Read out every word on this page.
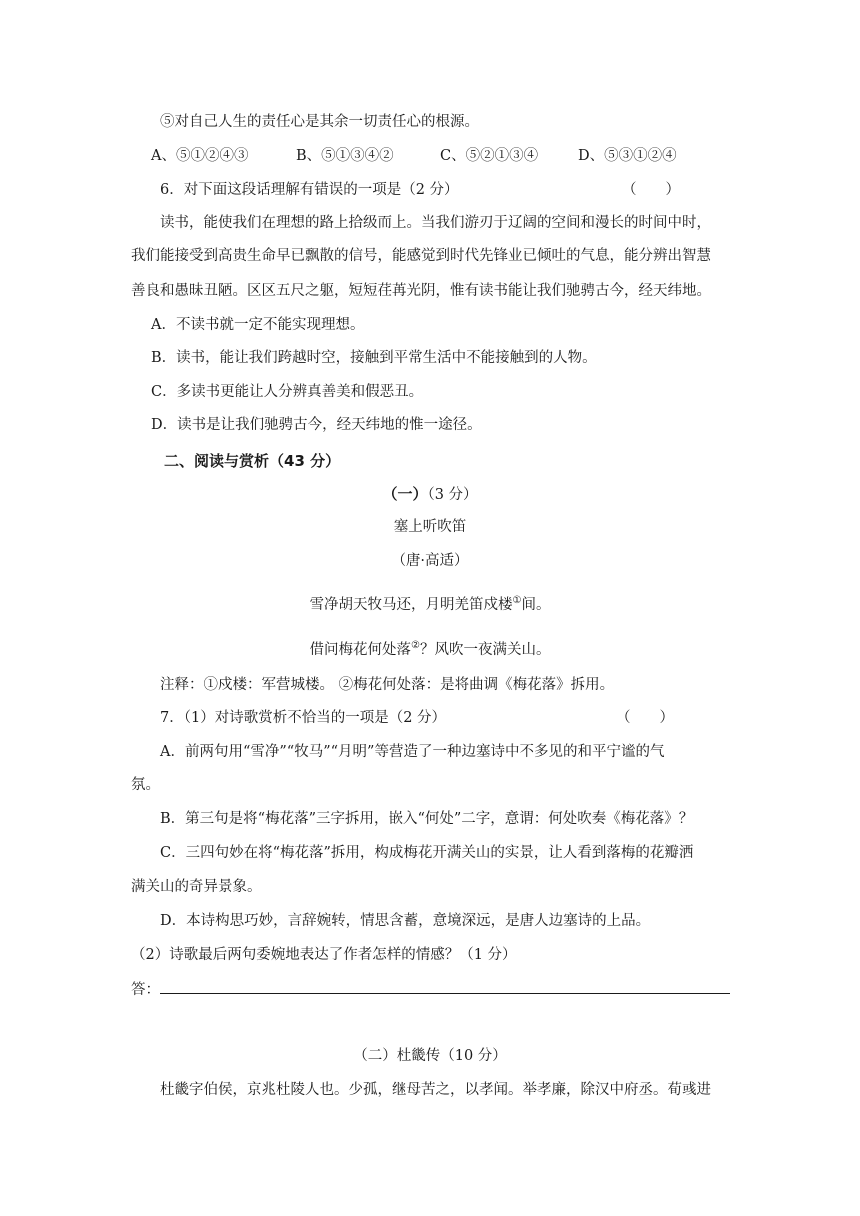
⑤对自己人生的责任心是其余一切责任心的根源。
A、⑤①②④③	B、⑤①③④②	C、⑤②①③④	D、⑤③①②④
6．对下面这段话理解有错误的一项是（2 分）	（　　）
读书，能使我们在理想的路上拾级而上。当我们游刃于辽阔的空间和漫长的时间中时，
我们能接受到高贵生命早已飘散的信号，能感觉到时代先锋业已倾吐的气息，能分辨出智慧
善良和愚昧丑陋。区区五尺之躯，短短荏苒光阴，惟有读书能让我们驰骋古今，经天纬地。
A．不读书就一定不能实现理想。
B．读书，能让我们跨越时空，接触到平常生活中不能接触到的人物。
C．多读书更能让人分辨真善美和假恶丑。
D．读书是让我们驰骋古今，经天纬地的惟一途径。
二、阅读与赏析（43 分）
（一）（3 分）
塞上听吹笛
（唐·高适）
雪净胡天牧马还，月明羌笛戍楼①间。
借问梅花何处落②？风吹一夜满关山。
注释：①戍楼：军营城楼。 ②梅花何处落：是将曲调《梅花落》拆用。
7．（1）对诗歌赏析不恰当的一项是（2 分）	（　　）
A．前两句用“雪净”“牧马”“月明”等营造了一种边塞诗中不多见的和平宁谧的气
氛。
B．第三句是将“梅花落”三字拆用，嵌入“何处”二字，意谓：何处吹奏《梅花落》？
C．三四句妙在将“梅花落”拆用，构成梅花开满关山的实景，让人看到落梅的花瓣洒
满关山的奇异景象。
D．本诗构思巧妙，言辞婉转，情思含蓄，意境深远，是唐人边塞诗的上品。
（2）诗歌最后两句委婉地表达了作者怎样的情感？（1 分）
答：
（二）杜畿传（10 分）
杜畿字伯侯，京兆杜陵人也。少孤，继母苦之，以孝闻。举孝廉，除汉中府丞。荀彧进
